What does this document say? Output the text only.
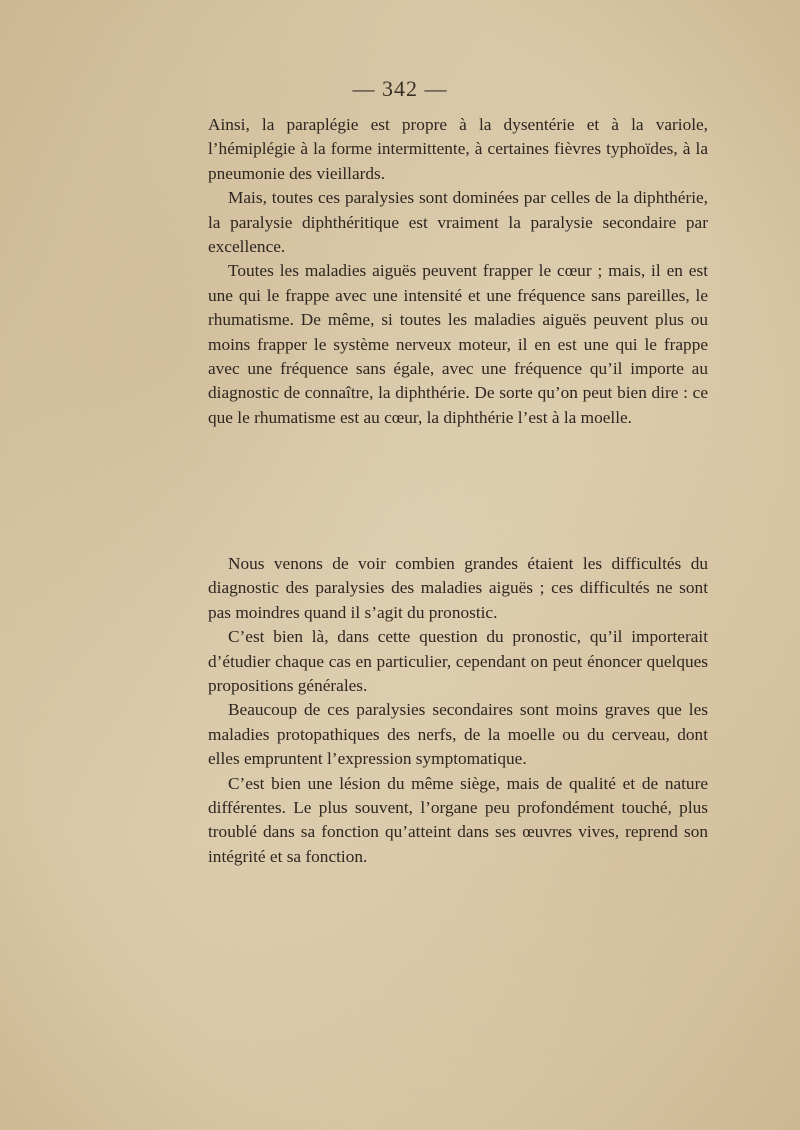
— 342 —

Ainsi, la paraplégie est propre à la dysentérie et à la variole, l’hémiplégie à la forme intermittente, à certaines fièvres typhoïdes, à la pneumonie des vieillards.

Mais, toutes ces paralysies sont dominées par celles de la diphthérie, la paralysie diphthéritique est vraiment la paralysie secondaire par excellence.

Toutes les maladies aiguës peuvent frapper le cœur ; mais, il en est une qui le frappe avec une intensité et une fréquence sans pareilles, le rhumatisme. De même, si toutes les maladies aiguës peuvent plus ou moins frapper le système nerveux moteur, il en est une qui le frappe avec une fréquence sans égale, avec une fréquence qu’il importe au diagnostic de connaître, la diphthérie. De sorte qu’on peut bien dire : ce que le rhumatisme est au cœur, la diphthérie l’est à la moelle.

Nous venons de voir combien grandes étaient les difficultés du diagnostic des paralysies des maladies aiguës ; ces difficultés ne sont pas moindres quand il s’agit du pronostic.

C’est bien là, dans cette question du pronostic, qu’il importerait d’étudier chaque cas en particulier, cependant on peut énoncer quelques propositions générales.

Beaucoup de ces paralysies secondaires sont moins graves que les maladies protopathiques des nerfs, de la moelle ou du cerveau, dont elles empruntent l’expression symptomatique.

C’est bien une lésion du même siège, mais de qualité et de nature différentes. Le plus souvent, l’organe peu profondément touché, plus troublé dans sa fonction qu’atteint dans ses œuvres vives, reprend son intégrité et sa fonction.
